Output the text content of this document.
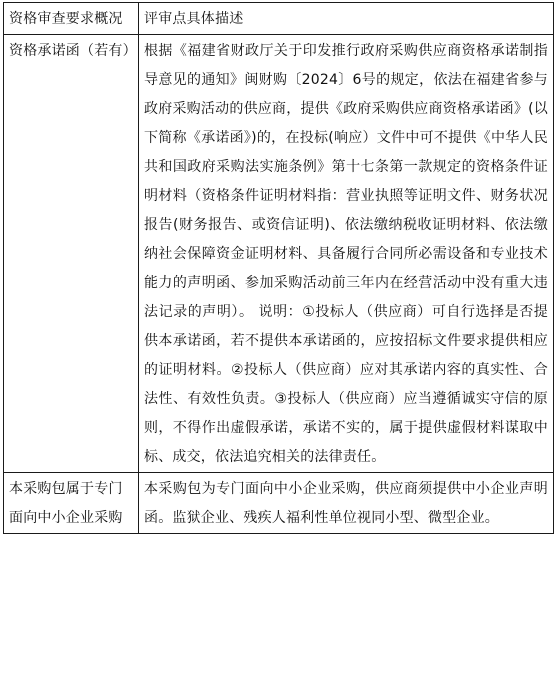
资格审查要求概况	评审点具体描述
资格承诺函（若有）	根据《福建省财政厅关于印发推行政府采购供应商资格承诺制指导意见的通知》闽财购〔2024〕6号的规定，依法在福建省参与政府采购活动的供应商，提供《政府采购供应商资格承诺函》(以下简称《承诺函》)的，在投标(响应）文件中可不提供《中华人民共和国政府采购法实施条例》第十七条第一款规定的资格条件证明材料（资格条件证明材料指：营业执照等证明文件、财务状况报告(财务报告、或资信证明)、依法缴纳税收证明材料、依法缴纳社会保障资金证明材料、具备履行合同所必需设备和专业技术能力的声明函、参加采购活动前三年内在经营活动中没有重大违法记录的声明）。 说明：①投标人（供应商）可自行选择是否提供本承诺函，若不提供本承诺函的，应按招标文件要求提供相应的证明材料。②投标人（供应商）应对其承诺内容的真实性、合法性、有效性负责。③投标人（供应商）应当遵循诚实守信的原则，不得作出虚假承诺，承诺不实的，属于提供虚假材料谋取中标、成交，依法追究相关的法律责任。
本采购包属于专门面向中小企业采购	本采购包为专门面向中小企业采购，供应商须提供中小企业声明函。监狱企业、残疾人福利性单位视同小型、微型企业。
